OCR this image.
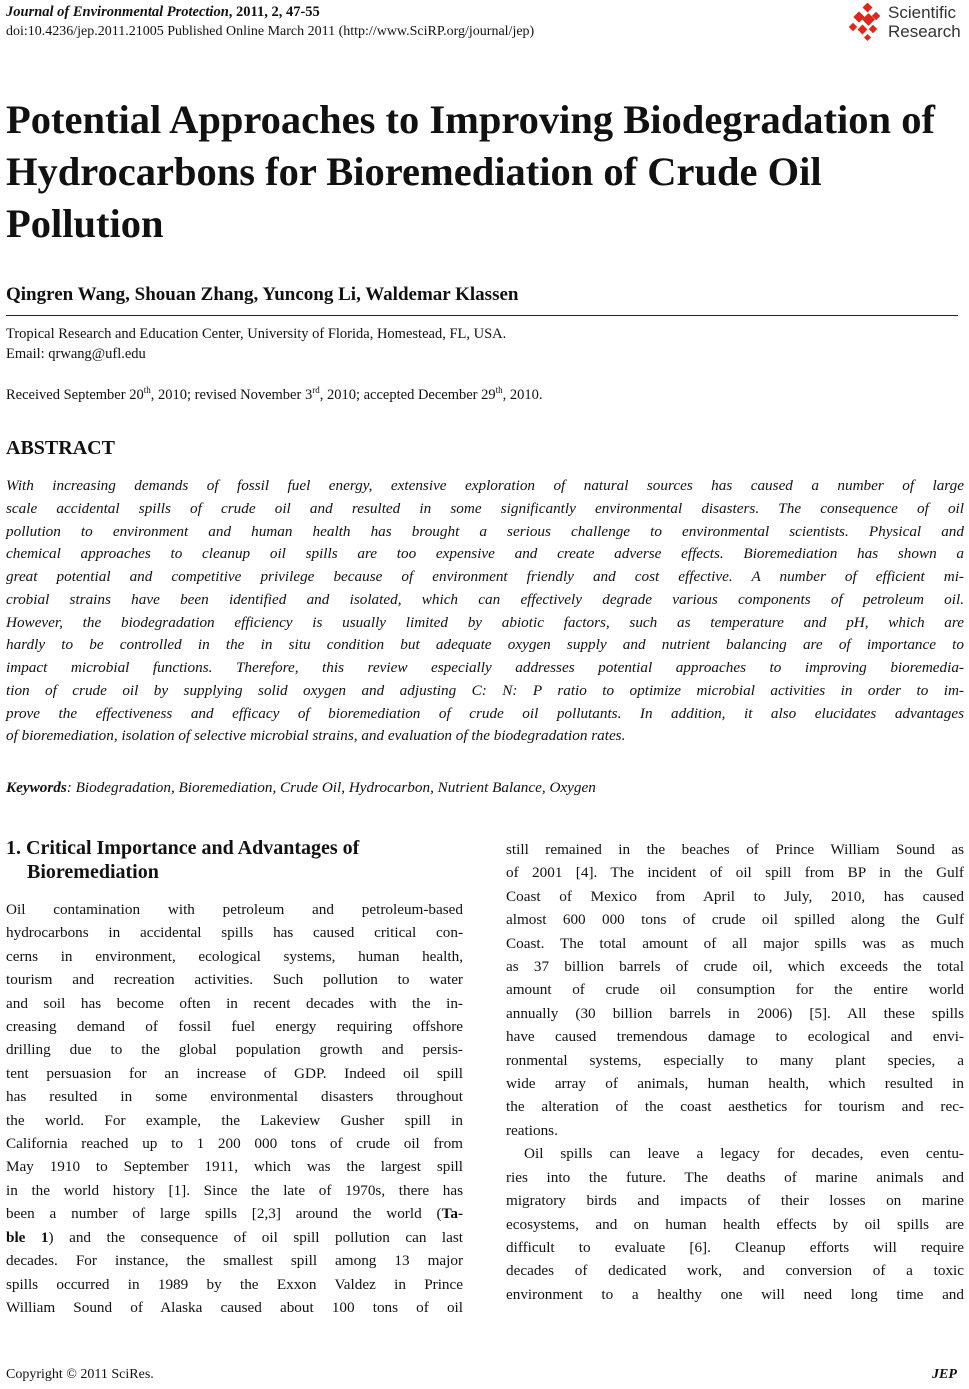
Journal of Environmental Protection, 2011, 2, 47-55
doi:10.4236/jep.2011.21005 Published Online March 2011 (http://www.SciRP.org/journal/jep)
Scientific
Research
Potential Approaches to Improving Biodegradation of Hydrocarbons for Bioremediation of Crude Oil Pollution
Qingren Wang, Shouan Zhang, Yuncong Li, Waldemar Klassen
Tropical Research and Education Center, University of Florida, Homestead, FL, USA.
Email: qrwang@ufl.edu
Received September 20th, 2010; revised November 3rd, 2010; accepted December 29th, 2010.
ABSTRACT
With increasing demands of fossil fuel energy, extensive exploration of natural sources has caused a number of large
scale accidental spills of crude oil and resulted in some significantly environmental disasters. The consequence of oil
pollution to environment and human health has brought a serious challenge to environmental scientists. Physical and
chemical approaches to cleanup oil spills are too expensive and create adverse effects. Bioremediation has shown a
great potential and competitive privilege because of environment friendly and cost effective. A number of efficient mi-
crobial strains have been identified and isolated, which can effectively degrade various components of petroleum oil.
However, the biodegradation efficiency is usually limited by abiotic factors, such as temperature and pH, which are
hardly to be controlled in the in situ condition but adequate oxygen supply and nutrient balancing are of importance to
impact microbial functions. Therefore, this review especially addresses potential approaches to improving bioremedia-
tion of crude oil by supplying solid oxygen and adjusting C: N: P ratio to optimize microbial activities in order to im-
prove the effectiveness and efficacy of bioremediation of crude oil pollutants. In addition, it also elucidates advantages
of bioremediation, isolation of selective microbial strains, and evaluation of the biodegradation rates.
Keywords: Biodegradation, Bioremediation, Crude Oil, Hydrocarbon, Nutrient Balance, Oxygen
1. Critical Importance and Advantages of
Bioremediation
Oil contamination with petroleum and petroleum-based
hydrocarbons in accidental spills has caused critical con-
cerns in environment, ecological systems, human health,
tourism and recreation activities. Such pollution to water
and soil has become often in recent decades with the in-
creasing demand of fossil fuel energy requiring offshore
drilling due to the global population growth and persis-
tent persuasion for an increase of GDP. Indeed oil spill
has resulted in some environmental disasters throughout
the world. For example, the Lakeview Gusher spill in
California reached up to 1 200 000 tons of crude oil from
May 1910 to September 1911, which was the largest spill
in the world history [1]. Since the late of 1970s, there has
been a number of large spills [2,3] around the world (Ta-
ble 1) and the consequence of oil spill pollution can last
decades. For instance, the smallest spill among 13 major
spills occurred in 1989 by the Exxon Valdez in Prince
William Sound of Alaska caused about 100 tons of oil
still remained in the beaches of Prince William Sound as
of 2001 [4]. The incident of oil spill from BP in the Gulf
Coast of Mexico from April to July, 2010, has caused
almost 600 000 tons of crude oil spilled along the Gulf
Coast. The total amount of all major spills was as much
as 37 billion barrels of crude oil, which exceeds the total
amount of crude oil consumption for the entire world
annually (30 billion barrels in 2006) [5]. All these spills
have caused tremendous damage to ecological and envi-
ronmental systems, especially to many plant species, a
wide array of animals, human health, which resulted in
the alteration of the coast aesthetics for tourism and rec-
reations.
Oil spills can leave a legacy for decades, even centu-
ries into the future. The deaths of marine animals and
migratory birds and impacts of their losses on marine
ecosystems, and on human health effects by oil spills are
difficult to evaluate [6]. Cleanup efforts will require
decades of dedicated work, and conversion of a toxic
environment to a healthy one will need long time and
Copyright © 2011 SciRes.	JEP
